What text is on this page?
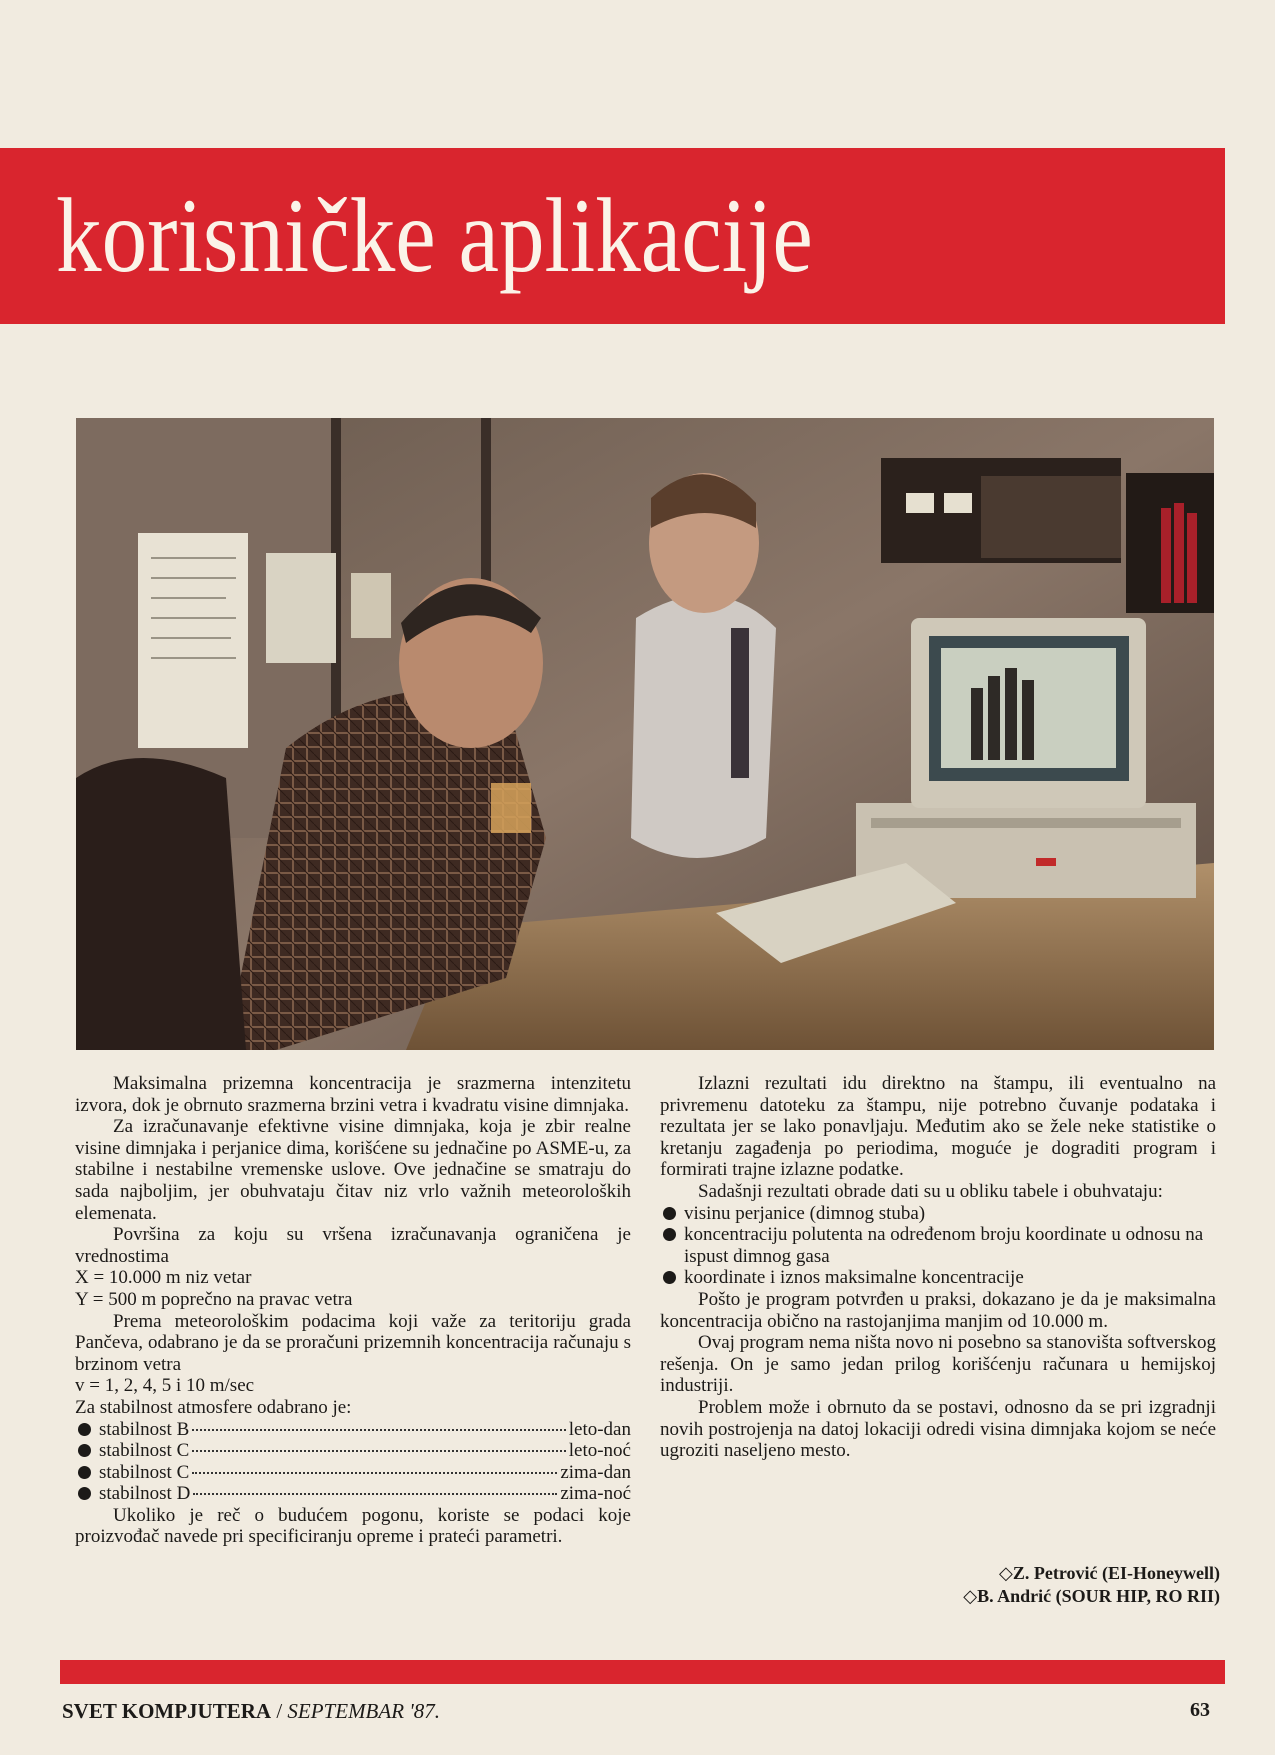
korisničke aplikacije

Maksimalna prizemna koncentracija je srazmerna intenzitetu izvora, dok je obrnuto srazmerna brzini vetra i kvadratu visine dimnjaka.

Za izračunavanje efektivne visine dimnjaka, koja je zbir realne visine dimnjaka i perjanice dima, korišćene su jednačine po ASME-u, za stabilne i nestabilne vremenske uslove. Ove jednačine se smatraju do sada najboljim, jer obuhvataju čitav niz vrlo važnih meteoroloških elemenata.

Površina za koju su vršena izračunavanja ograničena je vrednostima

X = 10.000 m niz vetar

Y = 500 m poprečno na pravac vetra

Prema meteorološkim podacima koji važe za teritoriju grada Pančeva, odabrano je da se proračuni prizemnih koncentracija računaju s brzinom vetra

v = 1, 2, 4, 5 i 10 m/sec

Za stabilnost atmosfere odabrano je:

stabilnost B	leto-dan
stabilnost C	leto-noć
stabilnost C	zima-dan
stabilnost D	zima-noć

Ukoliko je reč o budućem pogonu, koriste se podaci koje proizvođač navede pri specificiranju opreme i prateći parametri.

Izlazni rezultati idu direktno na štampu, ili eventualno na privremenu datoteku za štampu, nije potrebno čuvanje podataka i rezultata jer se lako ponavljaju. Međutim ako se žele neke statistike o kretanju zagađenja po periodima, moguće je dograditi program i formirati trajne izlazne podatke.

Sadašnji rezultati obrade dati su u obliku tabele i obuhvataju:

visinu perjanice (dimnog stuba)
koncentraciju polutenta na određenom broju koordinate u odnosu na ispust dimnog gasa
koordinate i iznos maksimalne koncentracije

Pošto je program potvrđen u praksi, dokazano je da je maksimalna koncentracija obično na rastojanjima manjim od 10.000 m.

Ovaj program nema ništa novo ni posebno sa stanovišta softverskog rešenja. On je samo jedan prilog korišćenju računara u hemijskoj industriji.

Problem može i obrnuto da se postavi, odnosno da se pri izgradnji novih postrojenja na datoj lokaciji odredi visina dimnjaka kojom se neće ugroziti naseljeno mesto.

◇Z. Petrović (EI-Honeywell)
◇B. Andrić (SOUR HIP, RO RII)
SVET KOMPJUTERA / SEPTEMBAR '87.	63
